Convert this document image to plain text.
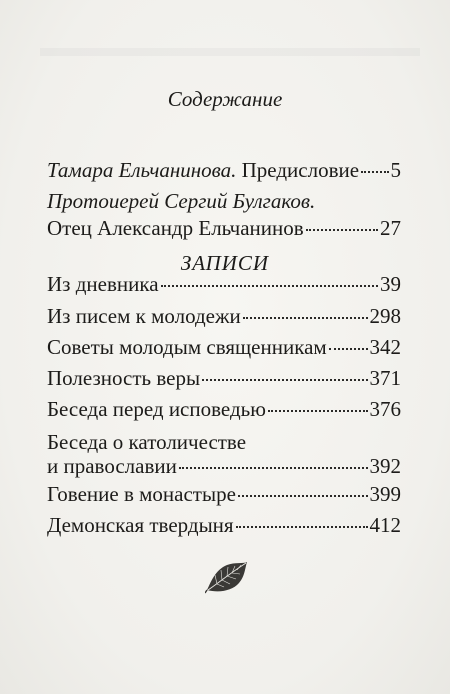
Содержание
Тамара Ельчанинова.
Предисловие 5
Протоиерей Сергий Булгаков.
Отец Александр Ельчанинов	27
ЗАПИСИ
Из дневника	39
Из писем к молодежи	298
Советы молодым священникам 342
Полезность веры	371
Беседа перед исповедью	376
Беседа о католичестве
и православии	392
Говение в монастыре	399
Демонская твердыня	412
